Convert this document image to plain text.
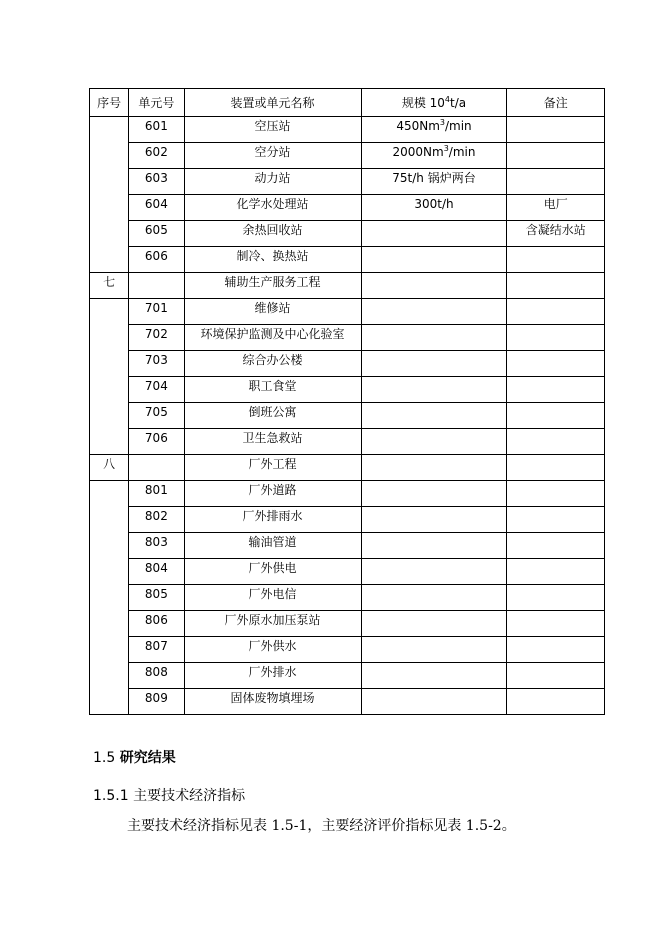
序号	单元号	装置或单元名称	规模 $10^4t/a$	备注
	601	空压站	450Nm$^3$/min	
	602	空分站	2000Nm$^3$/min	
	603	动力站	75t/h 锅炉两台	
	604	化学水处理站	300t/h	电厂
	605	余热回收站		含凝结水站
	606	制冷、换热站		
七		辅助生产服务工程		
	701	维修站		
	702	环境保护监测及中心化验室		
	703	综合办公楼		
	704	职工食堂		
	705	倒班公寓		
	706	卫生急救站		
八		厂外工程		
	801	厂外道路		
	802	厂外排雨水		
	803	输油管道		
	804	厂外供电		
	805	厂外电信		
	806	厂外原水加压泵站		
	807	厂外供水		
	808	厂外排水		
	809	固体废物填埋场		
1.5 研究结果
1.5.1 主要技术经济指标
主要技术经济指标见表 1.5-1，主要经济评价指标见表 1.5-2。
